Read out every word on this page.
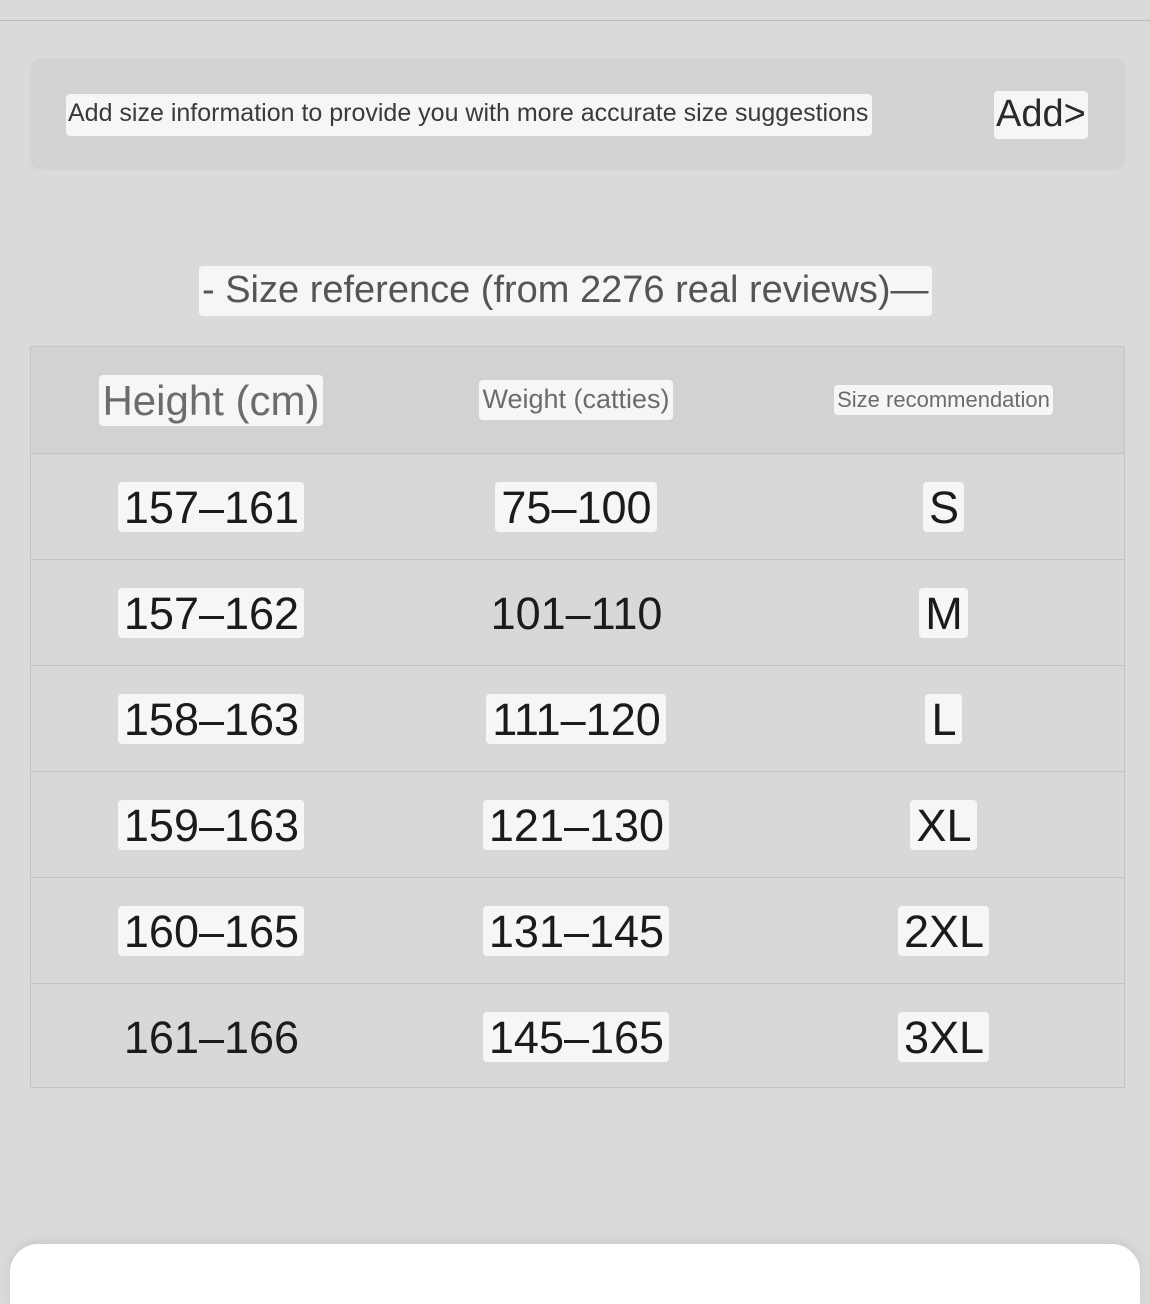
Add size information to provide you with more accurate size suggestions	Add>
- Size reference (from 2276 real reviews)—
Height (cm)	Weight (catties)	Size recommendation
157–161	75–100	S
157–162	101–110	M
158–163	111–120	L
159–163	121–130	XL
160–165	131–145	2XL
161–166	145–165	3XL
